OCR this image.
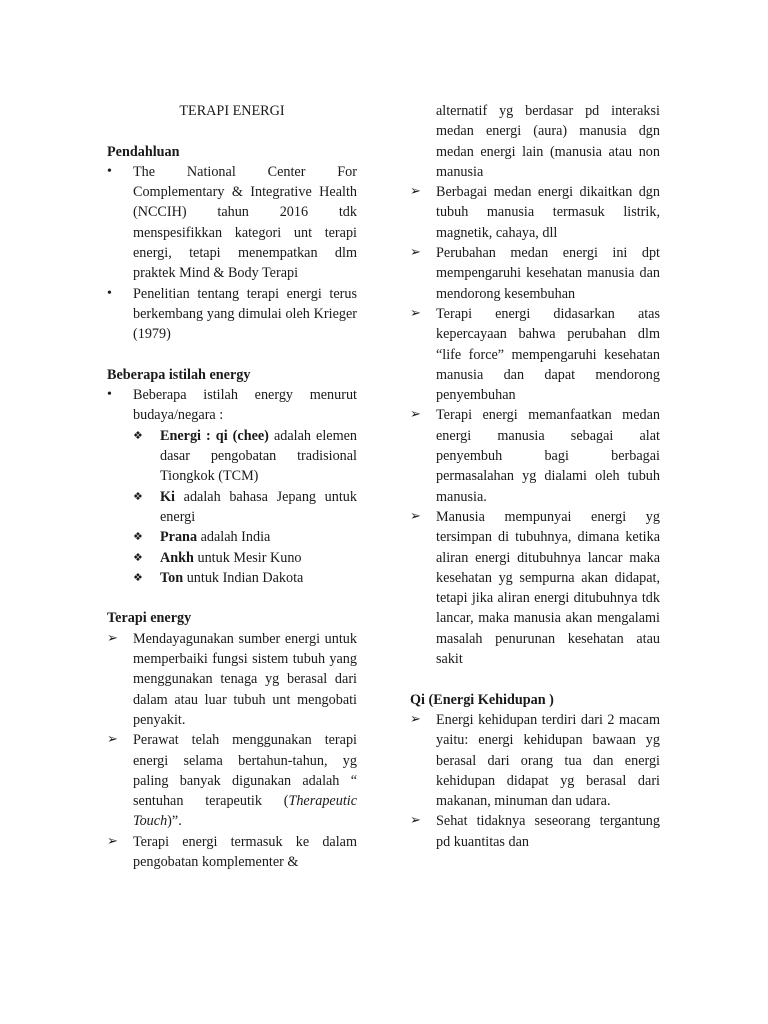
TERAPI ENERGI
Pendahluan
•	The National Center For Complementary & Integrative Health (NCCIH) tahun 2016 tdk menspesifikkan kategori unt terapi energi, tetapi menempatkan dlm praktek Mind & Body Terapi
•	Penelitian tentang terapi energi terus berkembang yang dimulai oleh Krieger (1979)
Beberapa istilah energy
•	Beberapa istilah energy menurut budaya/negara :
❖	Energi : qi (chee) adalah elemen dasar pengobatan tradisional Tiongkok (TCM)
❖	Ki adalah bahasa Jepang untuk energi
❖	Prana adalah India
❖	Ankh untuk Mesir Kuno
❖	Ton untuk Indian Dakota
Terapi energy
➢	Mendayagunakan sumber energi untuk memperbaiki fungsi sistem tubuh yang menggunakan tenaga yg berasal dari dalam atau luar tubuh unt mengobati penyakit.
➢	Perawat telah menggunakan terapi energi selama bertahun-tahun, yg paling banyak digunakan adalah “ sentuhan terapeutik (Therapeutic Touch)”.
➢	Terapi energi termasuk ke dalam pengobatan komplementer &
alternatif yg berdasar pd interaksi medan energi (aura) manusia dgn medan energi lain (manusia atau non manusia
➢	Berbagai medan energi dikaitkan dgn tubuh manusia termasuk listrik, magnetik, cahaya, dll
➢	Perubahan medan energi ini dpt mempengaruhi kesehatan manusia dan mendorong kesembuhan
➢	Terapi energi didasarkan atas kepercayaan bahwa perubahan dlm “life force” mempengaruhi kesehatan manusia dan dapat mendorong penyembuhan
➢	Terapi energi memanfaatkan medan energi manusia sebagai alat penyembuh bagi berbagai permasalahan yg dialami oleh tubuh manusia.
➢	Manusia mempunyai energi yg tersimpan di tubuhnya, dimana ketika aliran energi ditubuhnya lancar maka kesehatan yg sempurna akan didapat, tetapi jika aliran energi ditubuhnya tdk lancar, maka manusia akan mengalami masalah penurunan kesehatan atau sakit
Qi (Energi Kehidupan )
➢	Energi kehidupan terdiri dari 2 macam yaitu: energi kehidupan bawaan yg berasal dari orang tua dan energi kehidupan didapat yg berasal dari makanan, minuman dan udara.
➢	Sehat tidaknya seseorang tergantung pd kuantitas dan
